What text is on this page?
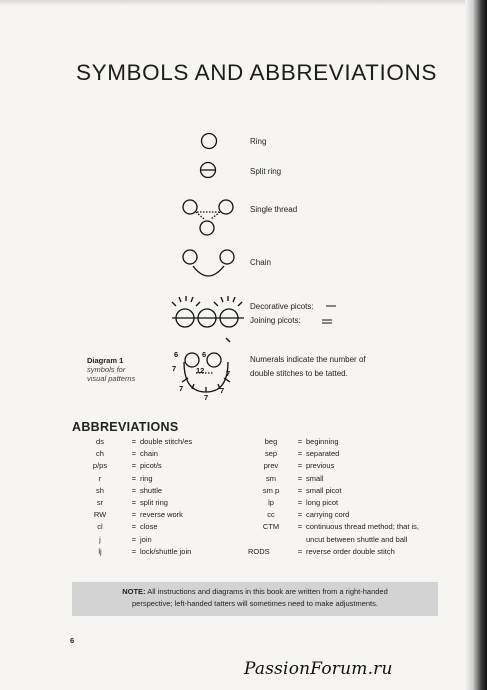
SYMBOLS AND ABBREVIATIONS
6	6
7	12	7
7
7
7
Ring
Split ring
Single thread
Chain
Decorative picots:
Joining picots:
Numerals indicate the number of
double stitches to be tatted.
Diagram 1
symbols for
visual patterns
ABBREVIATIONS
ds	= double stitch/es
ch	= chain
p/ps	= picot/s
r	= ring
sh	= shuttle
sr	= split ring
RW	= reverse work
cl	= close
j	= join
lj	= lock/shuttle join
beg	= beginning
sep	= separated
prev	= previous
sm	= small
sm p	= small picot
lp	= long picot
cc	= carrying cord
CTM	= continuous thread method; that is,
uncut between shuttle and ball
RODS	= reverse order double stitch
NOTE: All instructions and diagrams in this book are written from a right-handed
perspective; left-handed tatters will sometimes need to make adjustments.
6
PassionForum.ru
